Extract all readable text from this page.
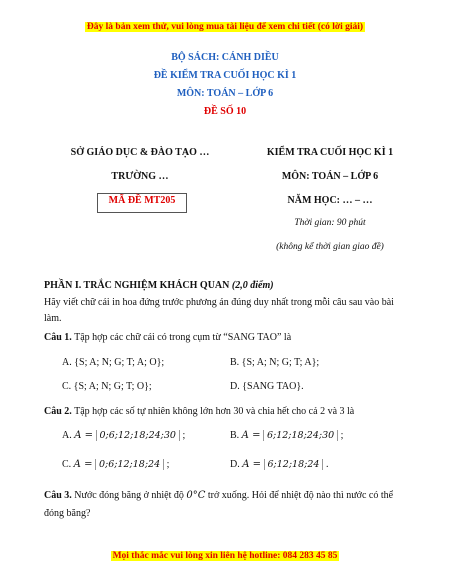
Đây là bản xem thử, vui lòng mua tài liệu để xem chi tiết (có lời giải)
BỘ SÁCH: CÁNH DIỀU
ĐỀ KIỂM TRA CUỐI HỌC KÌ 1
MÔN: TOÁN – LỚP 6
ĐỀ SỐ 10
SỞ GIÁO DỤC & ĐÀO TẠO …
TRƯỜNG …
MÃ ĐỀ MT205
KIỂM TRA CUỐI HỌC KÌ 1
MÔN: TOÁN – LỚP 6
NĂM HỌC: … – …
Thời gian: 90 phút
(không kể thời gian giao đề)
PHẦN I. TRẮC NGHIỆM KHÁCH QUAN (2,0 điểm)
Hãy viết chữ cái in hoa đứng trước phương án đúng duy nhất trong mỗi câu sau vào bài
làm.
Câu 1. Tập hợp các chữ cái có trong cụm từ “SANG TAO” là
A. {S; A; N; G; T; A; O};	B. {S; A; N; G; T; A};
C. {S; A; N; G; T; O};	D. {SANG TAO}.
Câu 2. Tập hợp các số tự nhiên không lớn hơn 30 và chia hết cho cả 2 và 3 là
A. A = 0;6;12;18;24;30 ;	B. A = 6;12;18;24;30 ;
C. A = 0;6;12;18;24 ;	D. A = 6;12;18;24 .
Câu 3. Nước đóng băng ở nhiệt độ 0°C trở xuống. Hỏi để nhiệt độ nào thì nước có thể
đóng băng?
Mọi thắc mắc vui lòng xin liên hệ hotline: 084 283 45 85
